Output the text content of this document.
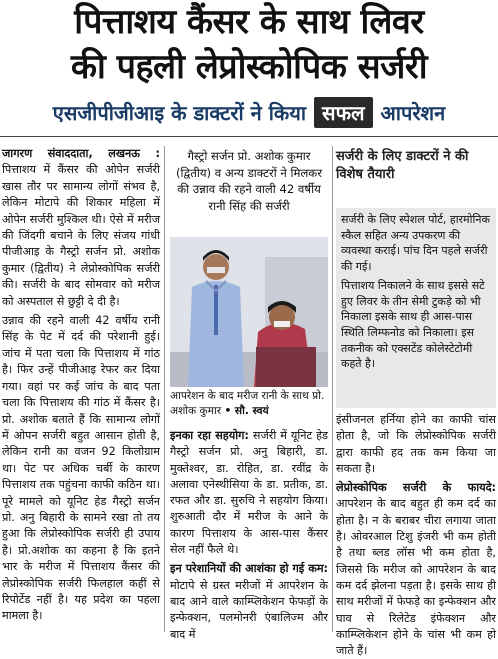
पित्ताशय कैंसर के साथ लिवर
की पहली लेप्रोस्कोपिक सर्जरी
एसजीपीजीआइ के डाक्टरों ने किया सफल आपरेशन

जागरण संवाददाता, लखनऊ : पित्ताशय में कैंसर की ओपेन सर्जरी खास तौर पर सामान्य लोगों संभव है, लेकिन मोटापे की शिकार महिला में ओपेन सर्जरी मुश्किल थी। ऐसे में मरीज की जिंदगी बचाने के लिए संजय गांधी पीजीआइ के गैस्ट्रो सर्जन प्रो. अशोक कुमार (द्वितीय) ने लेप्रोस्कोपिक सर्जरी की। सर्जरी के बाद सोमवार को मरीज को अस्पताल से छुट्टी दे दी है।

उन्नाव की रहने वाली 42 वर्षीय रानी सिंह के पेट में दर्द की परेशानी हुई। जांच में पता चला कि पित्ताशय में गांठ है। फिर उन्हें पीजीआइ रेफर कर दिया गया। वहां पर कई जांच के बाद पता चला कि पित्ताशय की गांठ में कैंसर है। प्रो. अशोक बताते हैं कि सामान्य लोगों में ओपन सर्जरी बहुत आसान होती है, लेकिन रानी का वजन 92 किलोग्राम था। पेट पर अधिक चर्बी के कारण पित्ताशय तक पहुंचना काफी कठिन था। पूरे मामले को यूनिट हेड गैस्ट्रो सर्जन प्रो. अनु बिहारी के सामने रखा तो तय हुआ कि लेप्रोस्कोपिक सर्जरी ही उपाय है। प्रो.अशोक का कहना है कि इतने भार के मरीज में पित्ताशय कैंसर की लेप्रोस्कोपिक सर्जरी फिलहाल कहीं से रिपोर्टेड नहीं है। यह प्रदेश का पहला मामला है।

गैस्ट्रो सर्जन प्रो. अशोक कुमार (द्वितीय) व अन्य डाक्टरों ने मिलकर की उन्नाव की रहने वाली 42 वर्षीय रानी सिंह की सर्जरी
आपरेशन के बाद मरीज रानी के साथ प्रो. अशोक कुमार • सौ. स्वयं
सर्जरी के लिए डाक्टरों ने की विशेष तैयारी

सर्जरी के लिए स्पेशल पोर्ट, हारमोनिक स्कैल सहित अन्य उपकरण की व्यवस्था कराई। पांच दिन पहले सर्जरी की गई।

पित्ताशय निकालने के साथ इससे सटे हुए लिवर के तीन सेमी टुकड़े को भी निकाला इसके साथ ही आस-पास स्थिति लिम्फनोड को निकाला। इस तकनीक को एक्सटेंड कोलेस्टेटोमी कहते है।

इनका रहा सहयोग: सर्जरी में यूनिट हेड गैस्ट्रो सर्जन प्रो. अनु बिहारी, डा. मुक्तेश्वर, डा. रोहित, डा. रवींद्र के अलावा एनेस्थीसिया के डा. प्रतीक, डा. रफत और डा. सुरुचि ने सहयोग किया। शुरुआती दौर में मरीज के आने के कारण पित्ताशय के आस-पास कैंसर सेल नहीं फैले थे।

इन परेशानियों की आशंका हो गई कम: मोटापे से ग्रस्त मरीजों में आपरेशन के बाद आने वाले काम्प्लिकेशन फेफड़ों के इन्फेक्शन, पलमोनरी एंबालिज्म और बाद में

इंसीजनल हर्निया होने का काफी चांस होता है, जो कि लेप्रोस्कोपिक सर्जरी द्वारा काफी हद तक कम किया जा सकता है।

लेप्रोस्कोपिक सर्जरी के फायदे: आपरेशन के बाद बहुत ही कम दर्द का होता है। न के बराबर चीरा लगाया जाता है। ओवरआल टिशु इंजरी भी कम होती है तथा ब्लड लॉस भी कम होता है, जिससे कि मरीज को आपरेशन के बाद कम दर्द झेलना पड़ता है। इसके साथ ही साथ मरीजों में फेफड़े का इन्फेक्शन और घाव से रिलेटेड इंफेक्शन और काम्प्लिकेशन होने के चांस भी कम हो जाते हैं।
